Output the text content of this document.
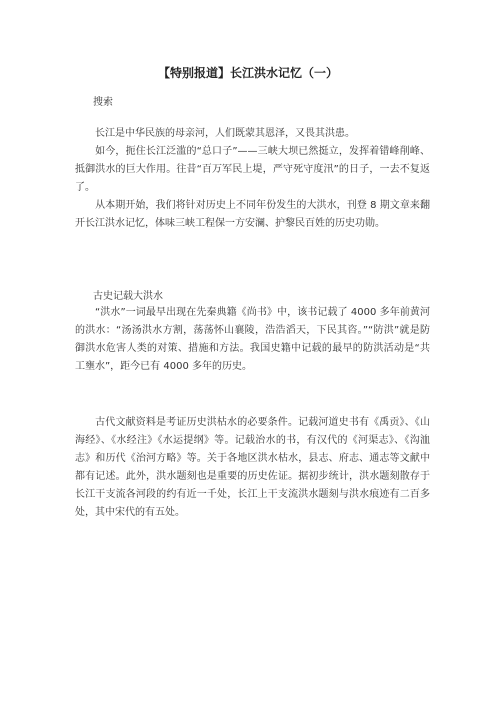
【特别报道】长江洪水记忆（一）
搜索
长江是中华民族的母亲河，人们既蒙其恩泽，又畏其洪患。
如今，扼住长江泛滥的“总口子”——三峡大坝已然挺立，发挥着错峰削峰、抵御洪水的巨大作用。往昔“百万军民上堤，严守死守度汛”的日子，一去不复返了。
从本期开始，我们将针对历史上不同年份发生的大洪水，刊登 8 期文章来翻开长江洪水记忆，体味三峡工程保一方安澜、护黎民百姓的历史功勋。
古史记载大洪水
“洪水”一词最早出现在先秦典籍《尚书》中，该书记载了 4000 多年前黄河的洪水：“汤汤洪水方割，荡荡怀山襄陵，浩浩滔天，下民其咨。”“防洪”就是防御洪水危害人类的对策、措施和方法。我国史籍中记载的最早的防洪活动是“共工壅水”，距今已有 4000 多年的历史。
古代文献资料是考证历史洪枯水的必要条件。记载河道史书有《禹贡》、《山海经》、《水经注》《水运提纲》等。记载治水的书，有汉代的《河渠志》、《沟洫志》和历代《治河方略》等。关于各地区洪水枯水，县志、府志、通志等文献中都有记述。此外，洪水题刻也是重要的历史佐证。据初步统计，洪水题刻散存于长江干支流各河段的约有近一千处，长江上干支流洪水题刻与洪水痕迹有二百多处，其中宋代的有五处。
